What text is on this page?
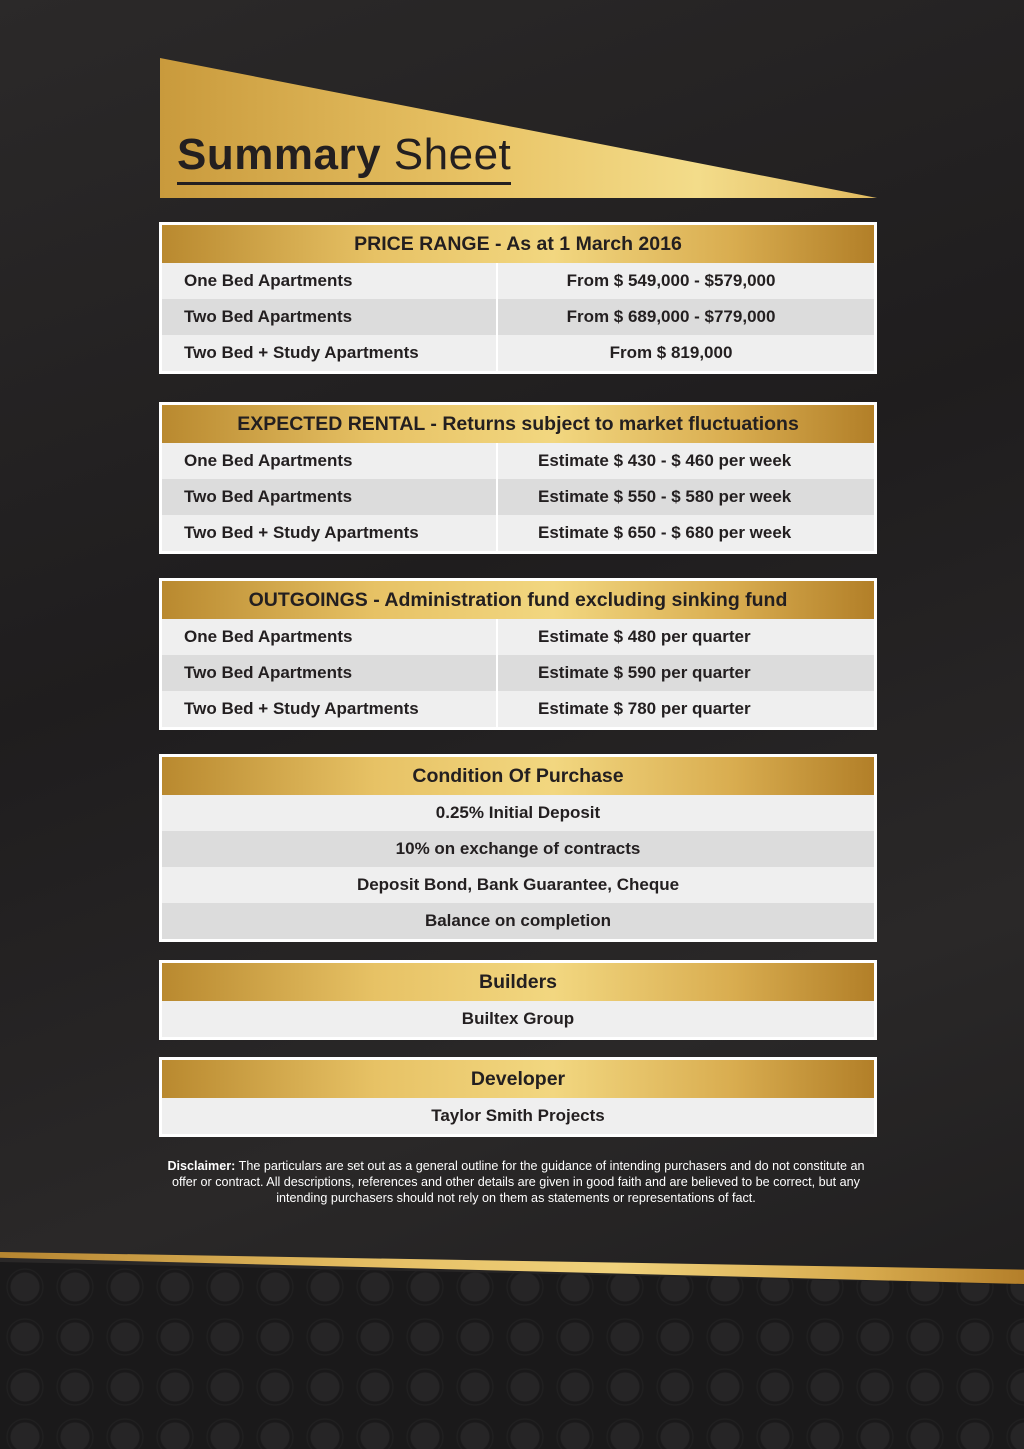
Summary Sheet
PRICE RANGE - As at 1 March 2016
One Bed Apartments	From $ 549,000 - $579,000
Two Bed Apartments	From $ 689,000 - $779,000
Two Bed + Study Apartments	From $ 819,000
EXPECTED RENTAL - Returns subject to market fluctuations
One Bed Apartments	Estimate $ 430 - $ 460 per week
Two Bed Apartments	Estimate $ 550 - $ 580 per week
Two Bed + Study Apartments	Estimate $ 650 - $ 680 per week
OUTGOINGS - Administration fund excluding sinking fund
One Bed Apartments	Estimate $ 480 per quarter
Two Bed Apartments	Estimate $ 590 per quarter
Two Bed + Study Apartments	Estimate $ 780 per quarter
Condition Of Purchase
0.25% Initial Deposit
10% on exchange of contracts
Deposit Bond, Bank Guarantee, Cheque
Balance on completion
Builders
Builtex Group
Developer
Taylor Smith Projects

Disclaimer: The particulars are set out as a general outline for the guidance of intending purchasers and do not constitute an offer or contract. All descriptions, references and other details are given in good faith and are believed to be correct, but any intending purchasers should not rely on them as statements or representations of fact.
